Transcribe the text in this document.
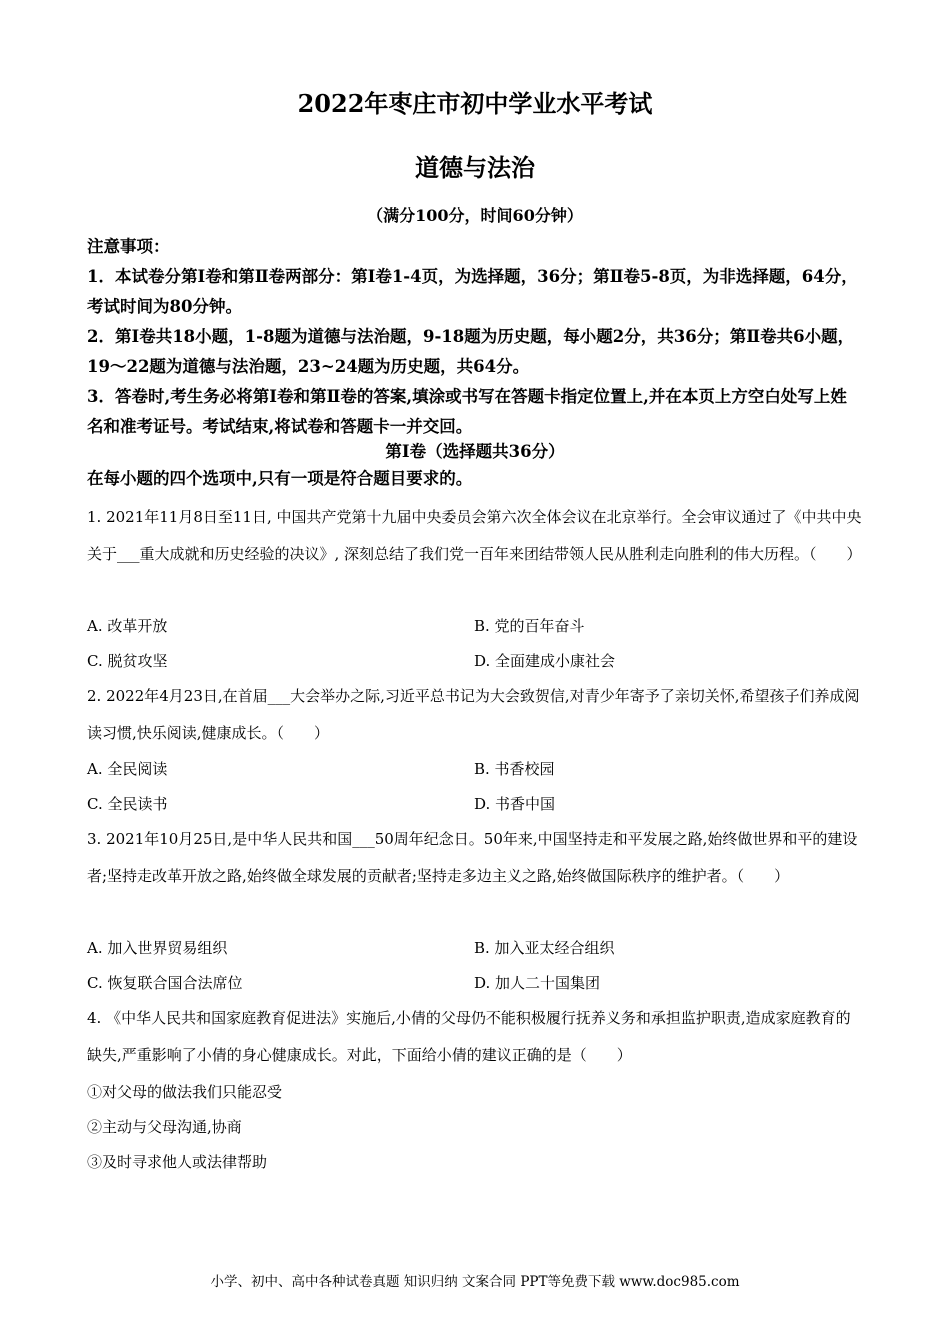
2022年枣庄市初中学业水平考试
道德与法治
（满分100分，时间60分钟）
注意事项：
1．本试卷分第Ⅰ卷和第Ⅱ卷两部分：第Ⅰ卷1-4页，为选择题，36分；第Ⅱ卷5-8页，为非选择题，64分，考试时间为80分钟。
2．第Ⅰ卷共18小题，1-8题为道德与法治题，9-18题为历史题，每小题2分，共36分；第Ⅱ卷共6小题，19～22题为道德与法治题，23~24题为历史题，共64分。
3．答卷时,考生务必将第Ⅰ卷和第Ⅱ卷的答案,填涂或书写在答题卡指定位置上,并在本页上方空白处写上姓名和准考证号。考试结束,将试卷和答题卡一并交回。
第Ⅰ卷（选择题共36分）
在每小题的四个选项中,只有一项是符合题目要求的。
1. 2021年11月8日至11日, 中国共产党第十九届中央委员会第六次全体会议在北京举行。全会审议通过了《中共中央关于___重大成就和历史经验的决议》, 深刻总结了我们党一百年来团结带领人民从胜利走向胜利的伟大历程。（　　）
A. 改革开放	B. 党的百年奋斗
C. 脱贫攻坚	D. 全面建成小康社会
2. 2022年4月23日,在首届___大会举办之际,习近平总书记为大会致贺信,对青少年寄予了亲切关怀,希望孩子们养成阅读习惯,快乐阅读,健康成长。（　　）
A. 全民阅读	B. 书香校园
C. 全民读书	D. 书香中国
3. 2021年10月25日,是中华人民共和国___50周年纪念日。50年来,中国坚持走和平发展之路,始终做世界和平的建设者;坚持走改革开放之路,始终做全球发展的贡献者;坚持走多边主义之路,始终做国际秩序的维护者。（　　）
A. 加入世界贸易组织	B. 加入亚太经合组织
C. 恢复联合国合法席位	D. 加人二十国集团
4. 《中华人民共和国家庭教育促进法》实施后,小倩的父母仍不能积极履行抚养义务和承担监护职责,造成家庭教育的缺失,严重影响了小倩的身心健康成长。对此，下面给小倩的建议正确的是（　　）
①对父母的做法我们只能忍受
②主动与父母沟通,协商
③及时寻求他人或法律帮助
小学、初中、高中各种试卷真题 知识归纳 文案合同 PPT等免费下载 www.doc985.com
